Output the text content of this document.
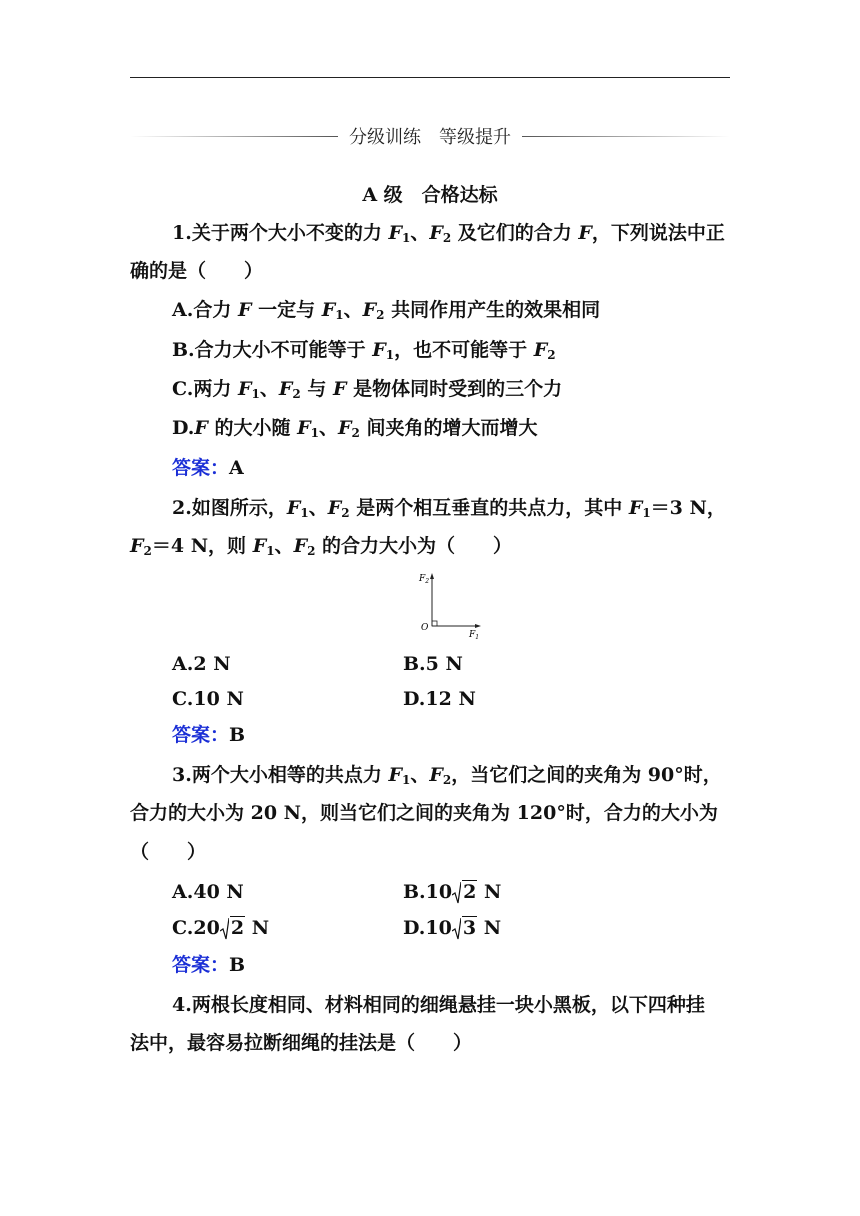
分级训练　等级提升
A 级　合格达标
1.关于两个大小不变的力 $F_1$、$F_2$ 及它们的合力 F，下列说法中正
确的是（　　）
A.合力 F 一定与 $F_1$、$F_2$ 共同作用产生的效果相同
B.合力大小不可能等于 $F_1$，也不可能等于 $F_2$
C.两力 $F_1$、$F_2$ 与 F 是物体同时受到的三个力
D.F 的大小随 $F_1$、$F_2$ 间夹角的增大而增大
答案：A
2.如图所示，$F_1$、$F_2$ 是两个相互垂直的共点力，其中 $F_1=3$ N，
$F_2=4$ N，则 $F_1$、$F_2$ 的合力大小为（　　）
$F_2$
O
$F_1$
A.2 N	B.5 N
C.10 N	D.12 N
答案：B
3.两个大小相等的共点力 $F_1$、$F_2$，当它们之间的夹角为 90°时，
合力的大小为 20 N，则当它们之间的夹角为 120°时，合力的大小为
（　　）
A.40 N	B.10 2 N
C.20 2 N	D.10 3 N
答案：B
4.两根长度相同、材料相同的细绳悬挂一块小黑板，以下四种挂
法中，最容易拉断细绳的挂法是（　　）
